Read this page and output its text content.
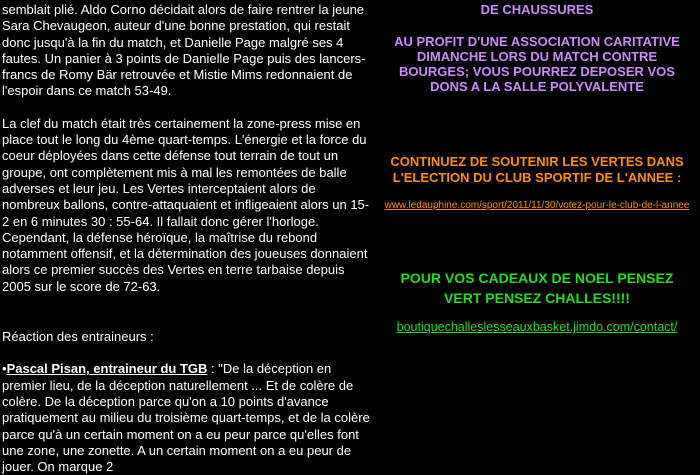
semblait plié. Aldo Corno décidait alors de faire rentrer la jeune Sara Chevaugeon, auteur d'une bonne prestation, qui restait donc jusqu'à la fin du match, et Danielle Page malgré ses 4 fautes. Un panier à 3 points de Danielle Page puis des lancers-francs de Romy Bär retrouvée et Mistie Mims redonnaient de l'espoir dans ce match 53-49.

La clef du match était très certainement la zone-press mise en place tout le long du 4ème quart-temps. L'énergie et la force du coeur déployées dans cette défense tout terrain de tout un groupe, ont complètement mis à mal les remontées de balle adverses et leur jeu. Les Vertes interceptaient alors de nombreux ballons, contre-attaquaient et infligeaient alors un 15-2 en 6 minutes 30 : 55-64. Il fallait donc gérer l'horloge. Cependant, la défense héroïque, la maîtrise du rebond notamment offensif, et la détermination des joueuses donnaient alors ce premier succès des Vertes en terre tarbaise depuis 2005 sur le score de 72-63.

Réaction des entraineurs :

•Pascal Pisan, entraineur du TGB : "De la déception en premier lieu, de la déception naturellement ... Et de colère de colère. De la déception parce qu'on a 10 points d'avance pratiquement au milieu du troisième quart-temps, et de la colère parce qu'à un certain moment on a eu peur parce qu'elles font une zone, une zonette. A un certain moment on a eu peur de jouer. On marque 2

DE CHAUSSURES
AU PROFIT D'UNE ASSOCIATION CARITATIVE DIMANCHE LORS DU MATCH CONTRE BOURGES; VOUS POURREZ DEPOSER VOS DONS A LA SALLE POLYVALENTE
CONTINUEZ DE SOUTENIR LES VERTES DANS L'ELECTION DU CLUB SPORTIF DE L'ANNEE :
www.ledauphine.com/sport/2011/11/30/votez-pour-le-club-de-l-annee
POUR VOS CADEAUX DE NOEL PENSEZ VERT PENSEZ CHALLES!!!!
boutiquechalleslesseauxbasket.jimdo.com/contact/
